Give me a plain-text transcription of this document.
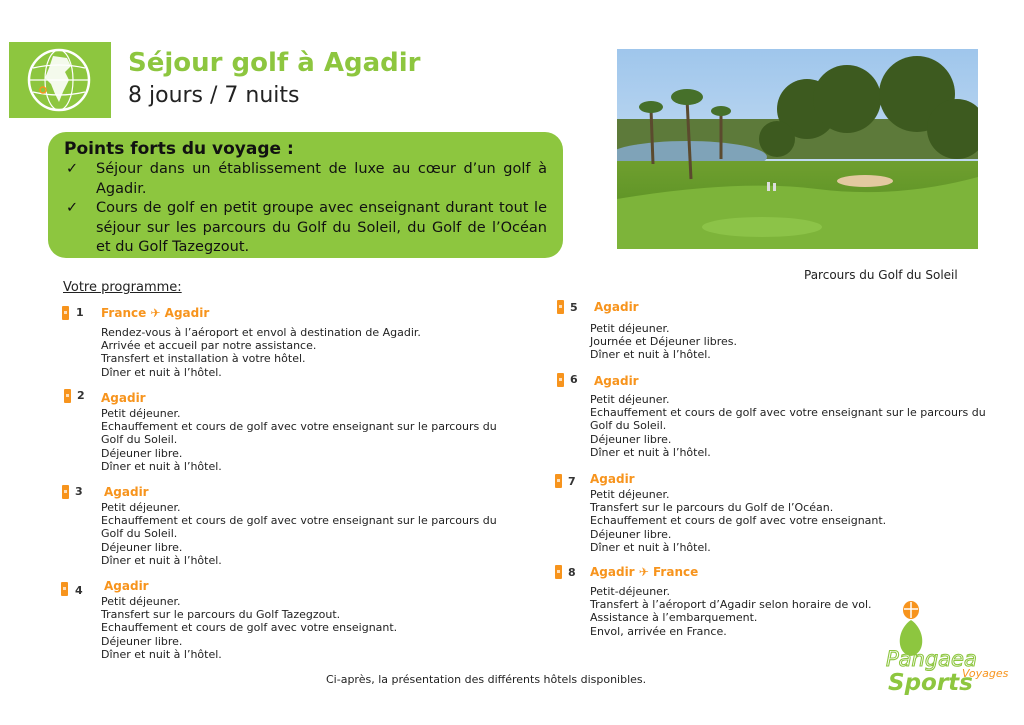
Séjour golf à Agadir
8 jours / 7 nuits
Points forts du voyage :
✓ Séjour dans un établissement de luxe au cœur d’un golf à Agadir.
✓ Cours de golf en petit groupe avec enseignant durant tout le séjour sur les parcours du Golf du Soleil, du Golf de l’Océan et du Golf Tazegzout.
Parcours du Golf du Soleil
Votre programme:
1 France ✈ Agadir
Rendez-vous à l’aéroport et envol à destination de Agadir.
Arrivée et accueil par notre assistance.
Transfert et installation à votre hôtel.
Dîner et nuit à l’hôtel.
2 Agadir
Petit déjeuner.
Echauffement et cours de golf avec votre enseignant sur le parcours du Golf du Soleil.
Déjeuner libre.
Dîner et nuit à l’hôtel.
3 Agadir
Petit déjeuner.
Echauffement et cours de golf avec votre enseignant sur le parcours du Golf du Soleil.
Déjeuner libre.
Dîner et nuit à l’hôtel.
4 Agadir
Petit déjeuner.
Transfert sur le parcours du Golf Tazegzout.
Echauffement et cours de golf avec votre enseignant.
Déjeuner libre.
Dîner et nuit à l’hôtel.
5 Agadir
Petit déjeuner.
Journée et Déjeuner libres.
Dîner et nuit à l’hôtel.
6 Agadir
Petit déjeuner.
Echauffement et cours de golf avec votre enseignant sur le parcours du Golf du Soleil.
Déjeuner libre.
Dîner et nuit à l’hôtel.
7 Agadir
Petit déjeuner.
Transfert sur le parcours du Golf de l’Océan.
Echauffement et cours de golf avec votre enseignant.
Déjeuner libre.
Dîner et nuit à l’hôtel.
8 Agadir ✈ France
Petit-déjeuner.
Transfert à l’aéroport d’Agadir selon horaire de vol.
Assistance à l’embarquement.
Envol, arrivée en France.
Ci-après, la présentation des différents hôtels disponibles.
Pangaea
Voyages
Sports
